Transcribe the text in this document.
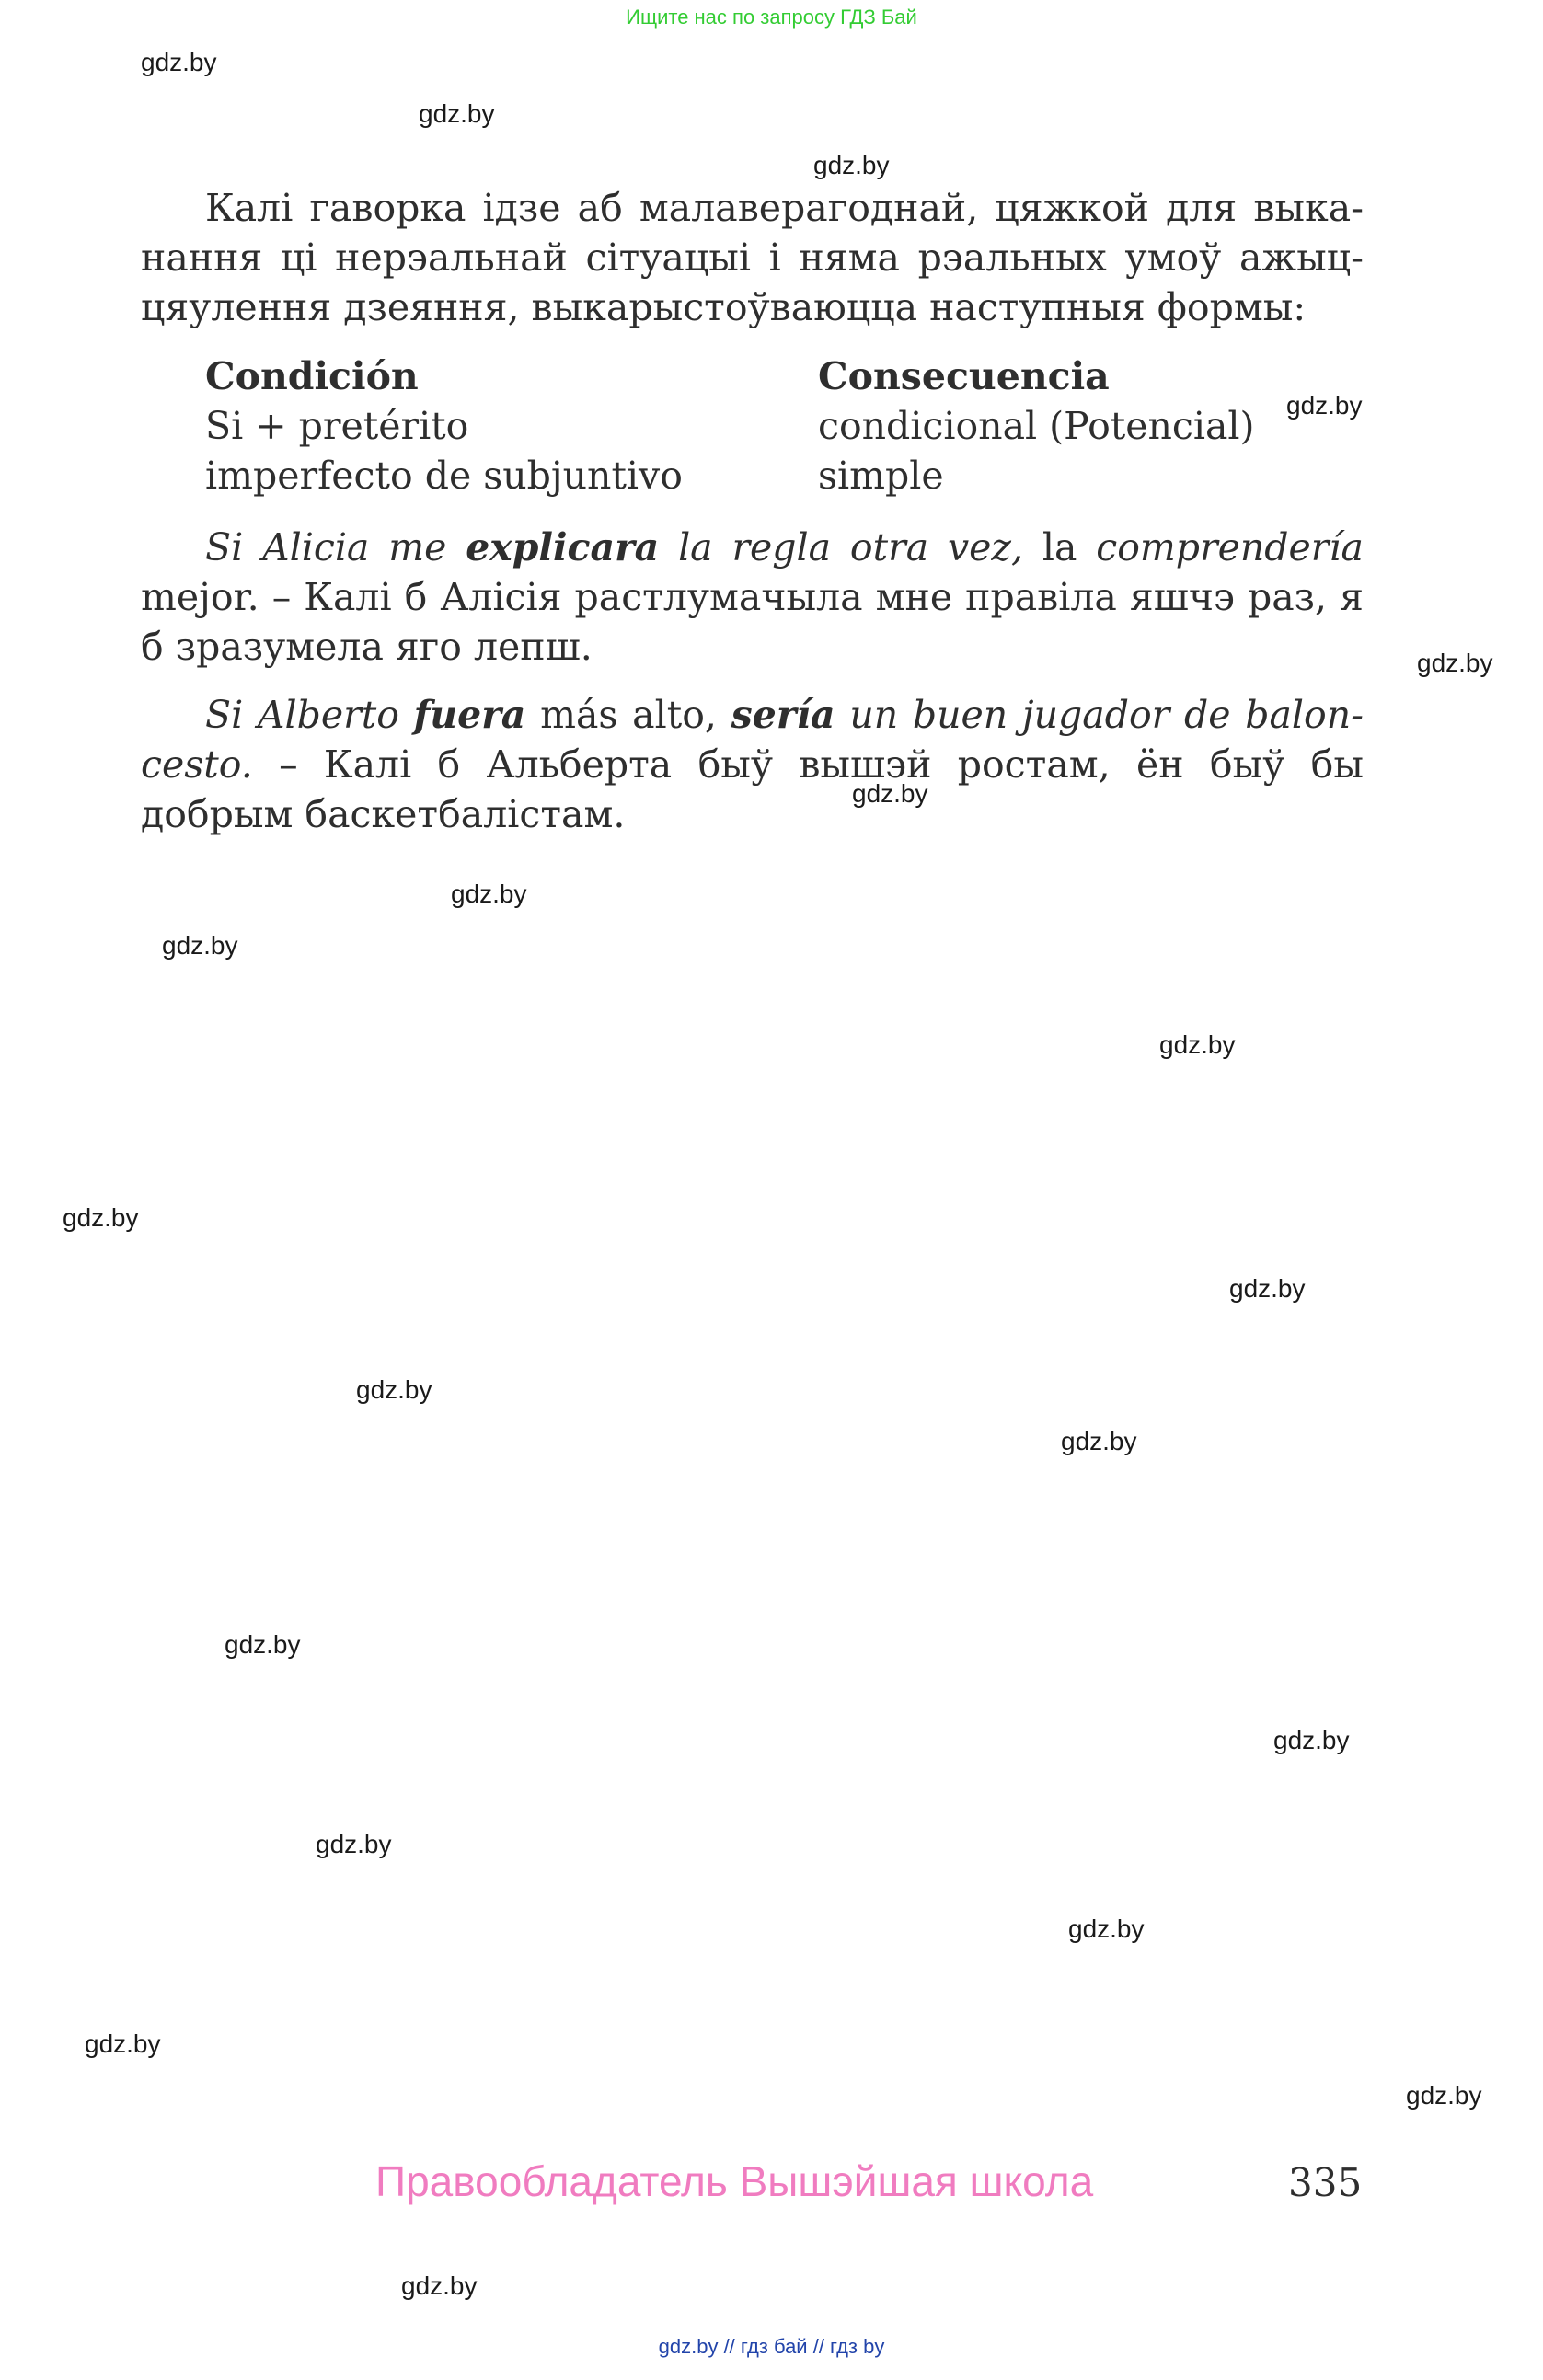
Ищите нас по запросу ГДЗ Бай
gdz.by
gdz.by
gdz.by
gdz.by
gdz.by
gdz.by
gdz.by
gdz.by
gdz.by
gdz.by
gdz.by
gdz.by
gdz.by
gdz.by
gdz.by
gdz.by
gdz.by
gdz.by
gdz.by
gdz.by
Калі гаворка ідзе аб малаверагоднай, цяжкой для выка-
нання ці нерэальнай сітуацыі і няма рэальных умоў ажыц-
цяулення дзеяння, выкарыстоўваюцца наступныя формы:
Condición
Si + pretérito
imperfecto de subjuntivo
Consecuencia
condicional (Potencial)
simple
Si Alicia me explicara la regla otra vez, la comprendería
mejor. – Калі б Алісія растлумачыла мне правіла яшчэ раз, я
б зразумела яго лепш.
Si Alberto fuera más alto, sería un buen jugador de balon-
cesto. – Калі б Альберта быў вышэй ростам, ён быў бы
добрым баскетбалістам.
Правообладатель Вышэйшая школа	335
gdz.by // гдз бай // гдз by
